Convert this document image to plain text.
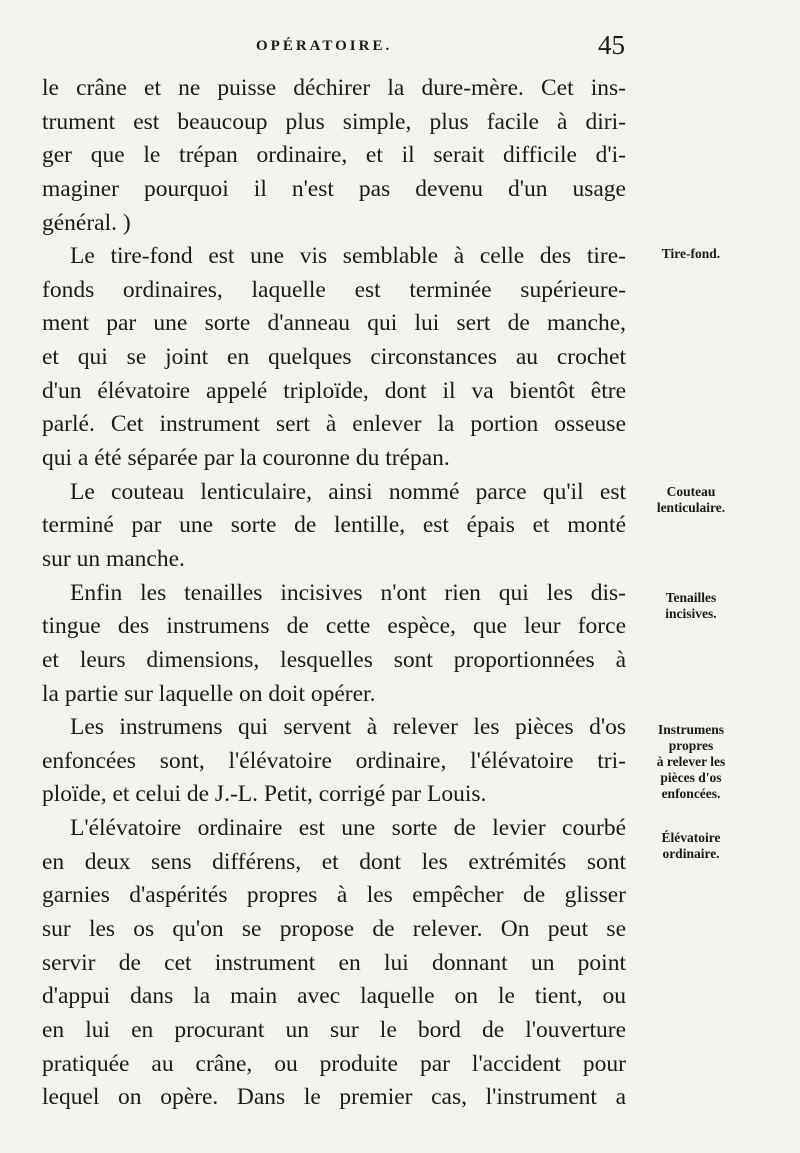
OPÉRATOIRE.	45
le crâne et ne puisse déchirer la dure-mère. Cet ins-
trument est beaucoup plus simple, plus facile à diri-
ger que le trépan ordinaire, et il serait difficile d'i-
maginer pourquoi il n'est pas devenu d'un usage
général. )
Le tire-fond est une vis semblable à celle des tire-
fonds ordinaires, laquelle est terminée supérieure-
ment par une sorte d'anneau qui lui sert de manche,
et qui se joint en quelques circonstances au crochet
d'un élévatoire appelé triploïde, dont il va bientôt être
parlé. Cet instrument sert à enlever la portion osseuse
qui a été séparée par la couronne du trépan.
Le couteau lenticulaire, ainsi nommé parce qu'il est
terminé par une sorte de lentille, est épais et monté
sur un manche.
Enfin les tenailles incisives n'ont rien qui les dis-
tingue des instrumens de cette espèce, que leur force
et leurs dimensions, lesquelles sont proportionnées à
la partie sur laquelle on doit opérer.
Les instrumens qui servent à relever les pièces d'os
enfoncées sont, l'élévatoire ordinaire, l'élévatoire tri-
ploïde, et celui de J.-L. Petit, corrigé par Louis.
L'élévatoire ordinaire est une sorte de levier courbé
en deux sens différens, et dont les extrémités sont
garnies d'aspérités propres à les empêcher de glisser
sur les os qu'on se propose de relever. On peut se
servir de cet instrument en lui donnant un point
d'appui dans la main avec laquelle on le tient, ou
en lui en procurant un sur le bord de l'ouverture
pratiquée au crâne, ou produite par l'accident pour
lequel on opère. Dans le premier cas, l'instrument a
Tire-fond.
Couteau
lenticulaire.
Tenailles
incisives.
Instrumens
propres
à relever les
pièces d'os
enfoncées.
Élévatoire
ordinaire.
